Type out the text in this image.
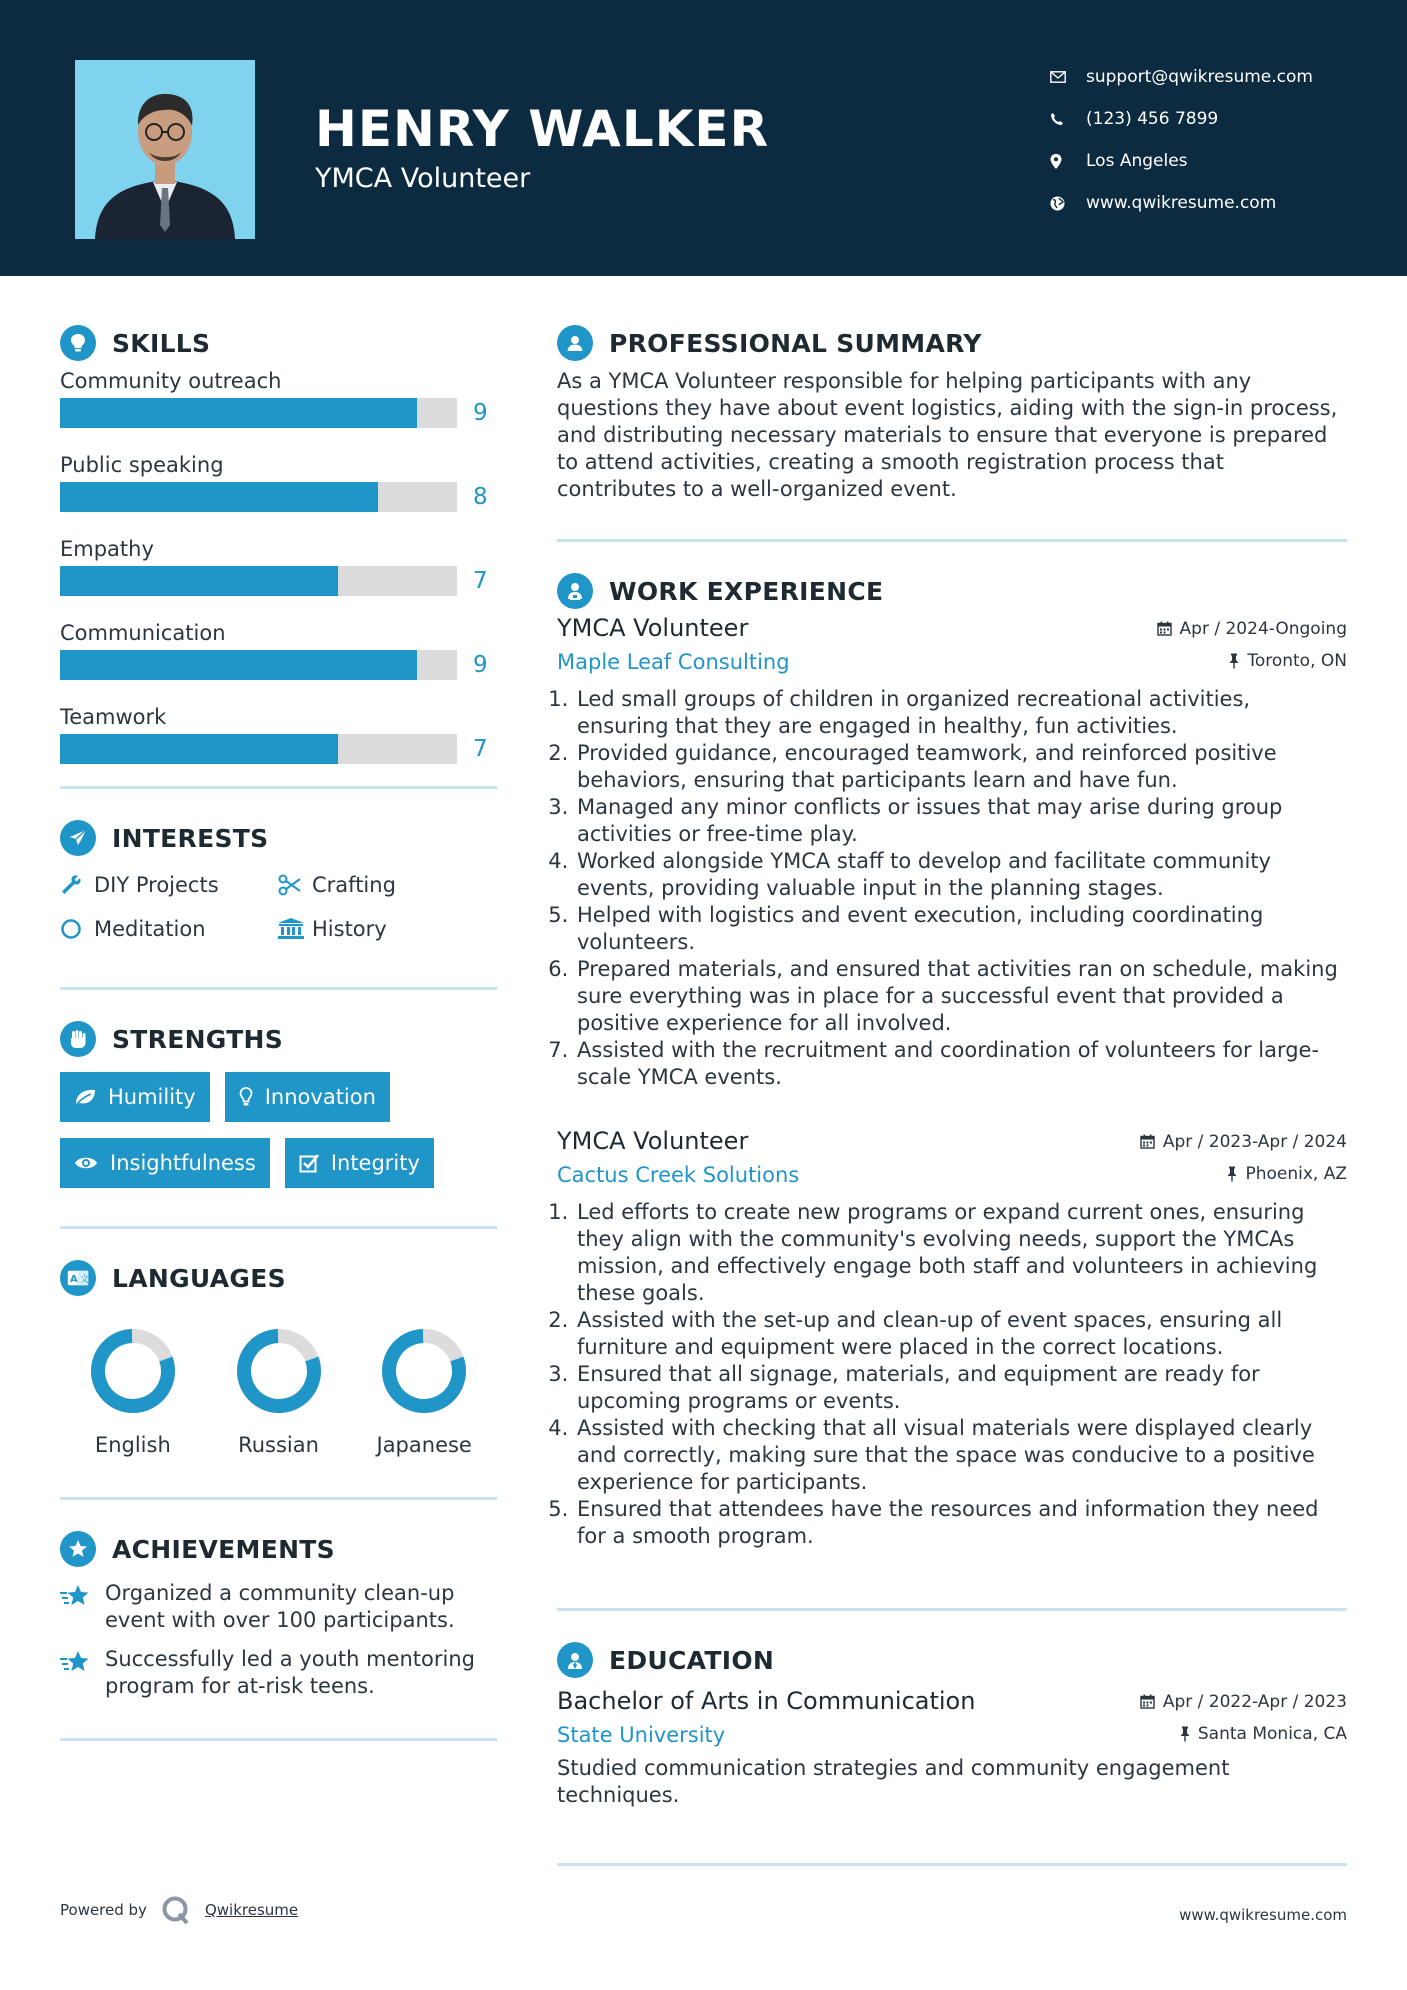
HENRY WALKER
YMCA Volunteer
support@qwikresume.com
(123) 456 7899
Los Angeles
www.qwikresume.com
SKILLS
Community outreach
9
Public speaking
8
Empathy
7
Communication
9
Teamwork
7
INTERESTS
DIY Projects	Crafting
Meditation	History
STRENGTHS
Humility	Innovation
Insightfulness	Integrity
A 文 LANGUAGES
English	Russian	Japanese
ACHIEVEMENTS
Organized a community clean-up event with over 100 participants.
Successfully led a youth mentoring program for at-risk teens.
PROFESSIONAL SUMMARY

As a YMCA Volunteer responsible for helping participants with any questions they have about event logistics, aiding with the sign-in process, and distributing necessary materials to ensure that everyone is prepared to attend activities, creating a smooth registration process that contributes to a well-organized event.

WORK EXPERIENCE
YMCA Volunteer	Apr / 2024-Ongoing
Maple Leaf Consulting	Toronto, ON
1. Led small groups of children in organized recreational activities, ensuring that they are engaged in healthy, fun activities.
2. Provided guidance, encouraged teamwork, and reinforced positive behaviors, ensuring that participants learn and have fun.
3. Managed any minor conflicts or issues that may arise during group activities or free-time play.
4. Worked alongside YMCA staff to develop and facilitate community events, providing valuable input in the planning stages.
5. Helped with logistics and event execution, including coordinating volunteers.
6. Prepared materials, and ensured that activities ran on schedule, making sure everything was in place for a successful event that provided a positive experience for all involved.
7. Assisted with the recruitment and coordination of volunteers for large-scale YMCA events.
YMCA Volunteer	Apr / 2023-Apr / 2024
Cactus Creek Solutions	Phoenix, AZ
1. Led efforts to create new programs or expand current ones, ensuring they align with the community's evolving needs, support the YMCAs mission, and effectively engage both staff and volunteers in achieving these goals.
2. Assisted with the set-up and clean-up of event spaces, ensuring all furniture and equipment were placed in the correct locations.
3. Ensured that all signage, materials, and equipment are ready for upcoming programs or events.
4. Assisted with checking that all visual materials were displayed clearly and correctly, making sure that the space was conducive to a positive experience for participants.
5. Ensured that attendees have the resources and information they need for a smooth program.
EDUCATION
Bachelor of Arts in Communication	Apr / 2022-Apr / 2023
State University	Santa Monica, CA

Studied communication strategies and community engagement techniques.

Powered by	Qwikresume	www.qwikresume.com
